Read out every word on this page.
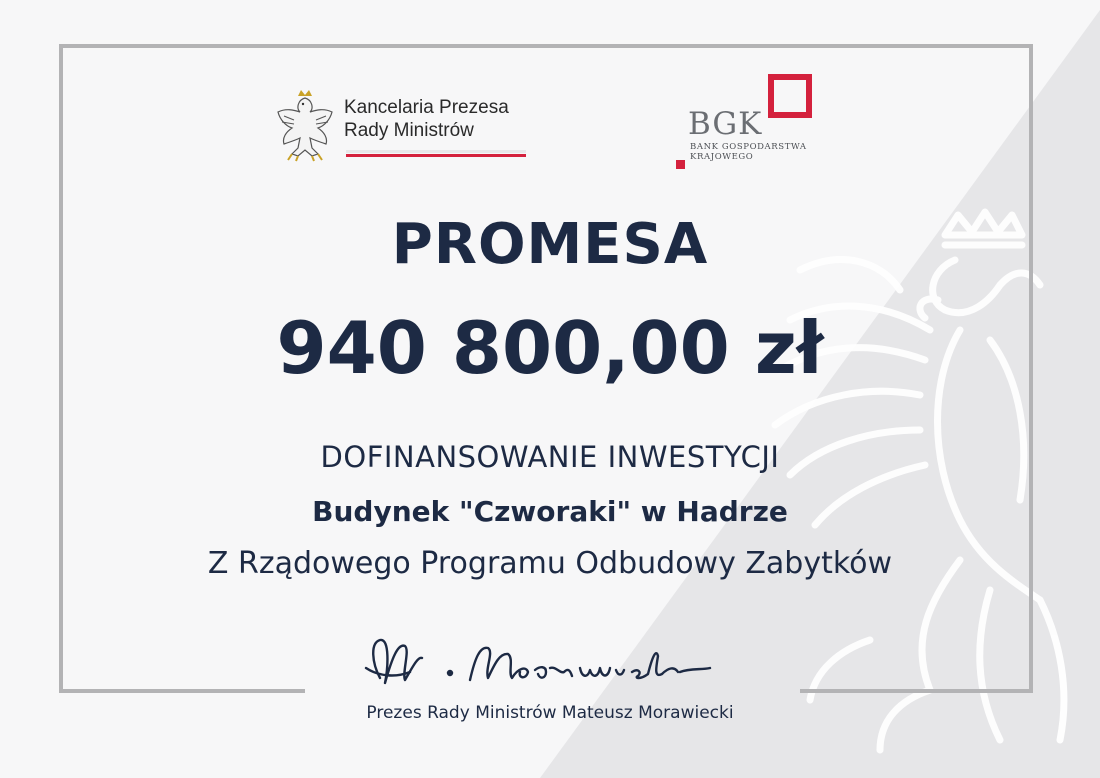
Kancelaria Prezesa
Rady Ministrów	BGK
BANK GOSPODARSTWA
KRAJOWEGO
PROMESA
940 800,00 zł
DOFINANSOWANIE INWESTYCJI
Budynek "Czworaki" w Hadrze
Z Rządowego Programu Odbudowy Zabytków
Prezes Rady Ministrów Mateusz Morawiecki
